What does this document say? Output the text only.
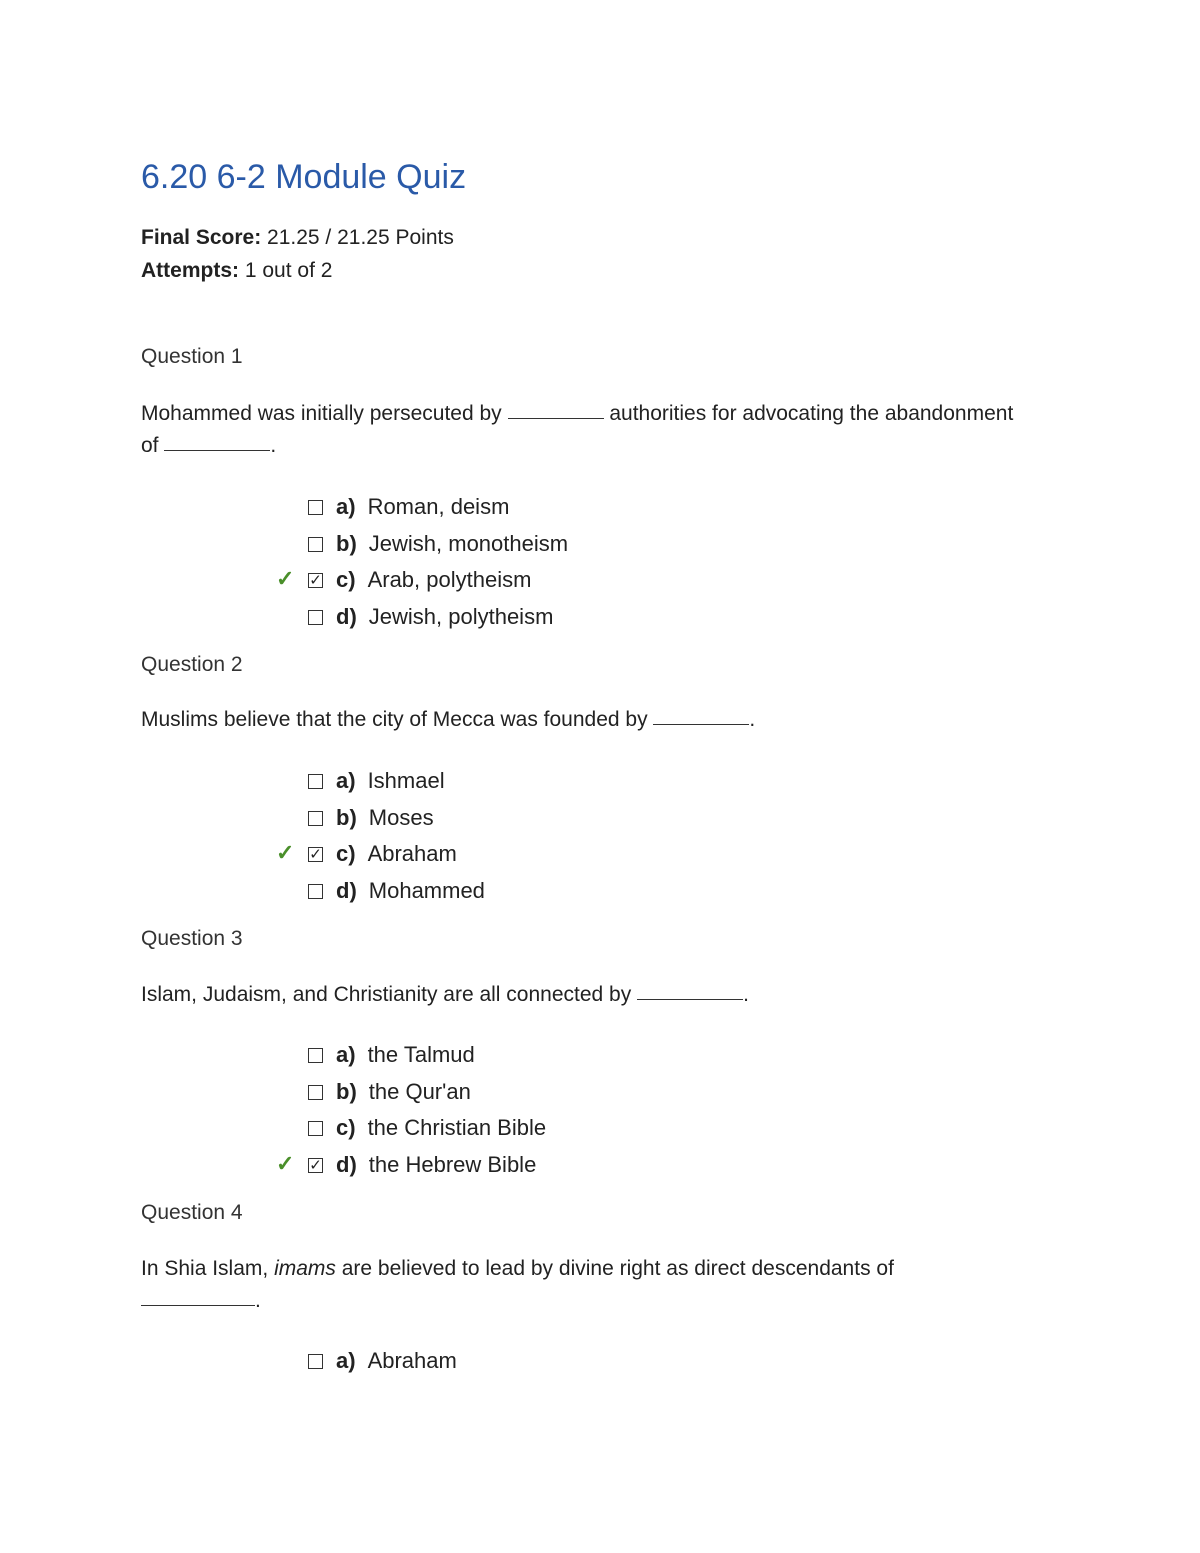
6.20 6-2 Module Quiz
Final Score: 21.25 / 21.25 Points
Attempts: 1 out of 2
Question 1
Mohammed was initially persecuted by	authorities for advocating the abandonment of	.
a) Roman, deism
b) Jewish, monotheism
✓ ✓ c) Arab, polytheism
d) Jewish, polytheism
Question 2
Muslims believe that the city of Mecca was founded by	.
a) Ishmael
b) Moses
✓ ✓ c) Abraham
d) Mohammed
Question 3
Islam, Judaism, and Christianity are all connected by	.
a) the Talmud
b) the Qur'an
c) the Christian Bible
✓ ✓ d) the Hebrew Bible
Question 4
In Shia Islam, imams are believed to lead by divine right as direct descendants of
.
a) Abraham
